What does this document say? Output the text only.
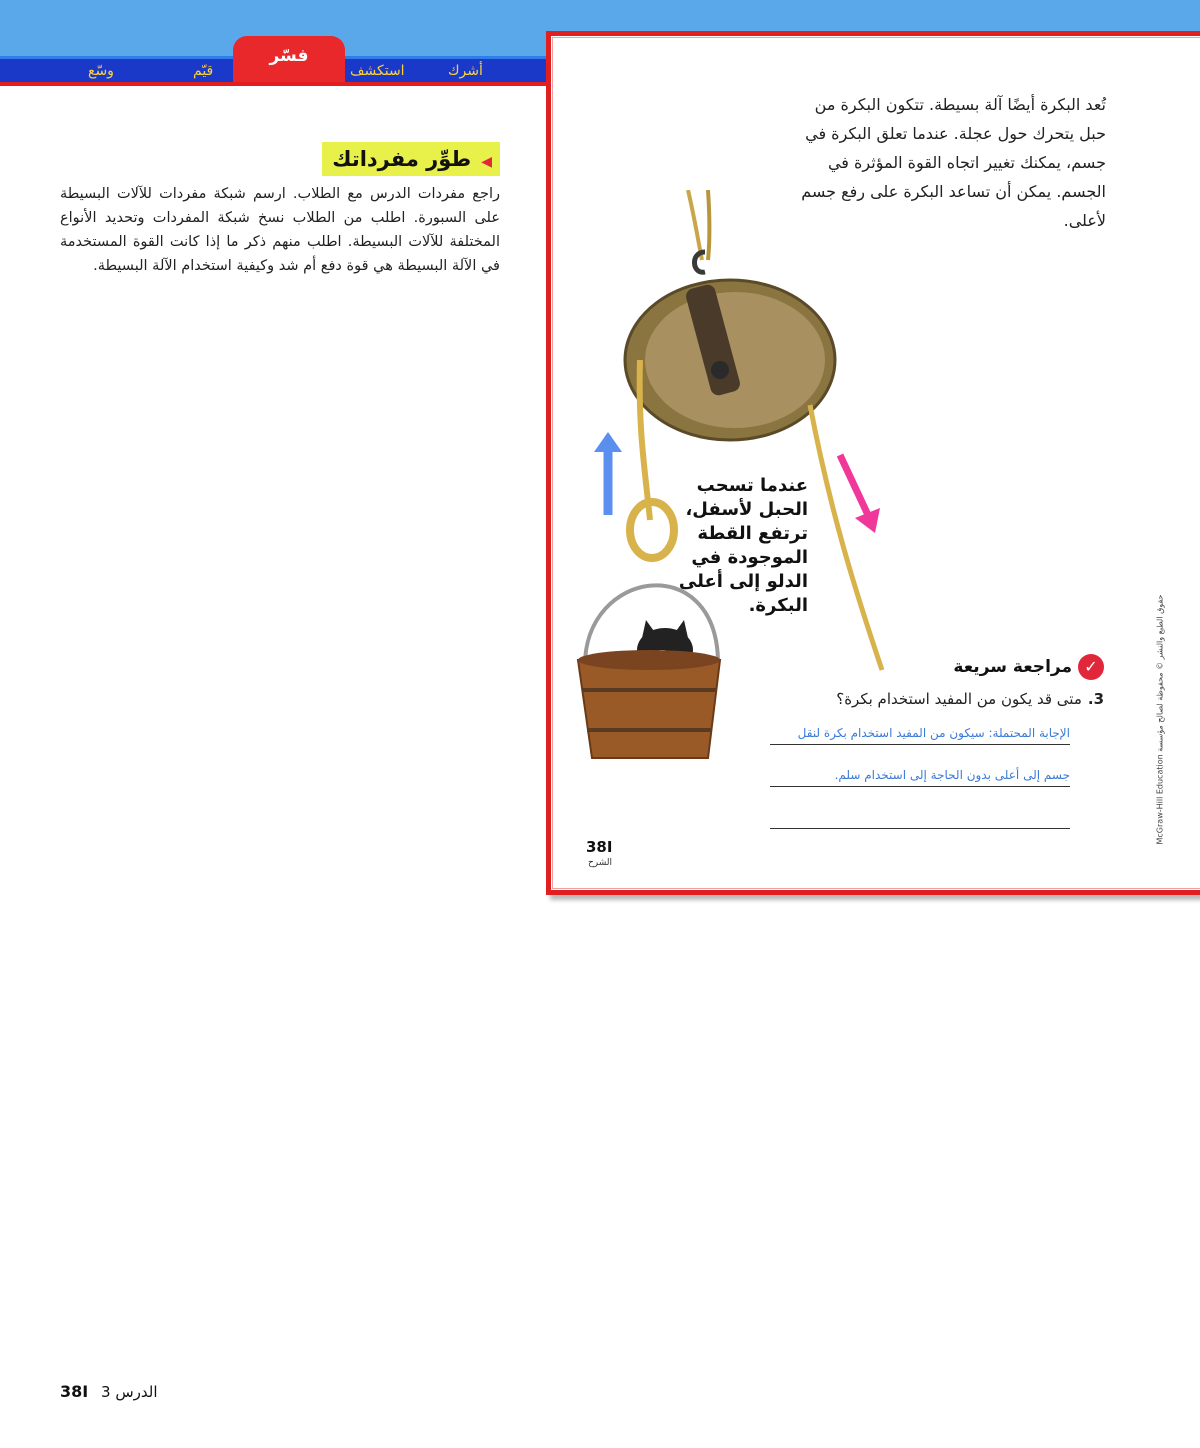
وسّع	قيّم	استكشف	أشرك
فسّر
◀طوِّر مفرداتك
راجع مفردات الدرس مع الطلاب. ارسم شبكة مفردات للآلات البسيطة على السبورة. اطلب من الطلاب نسخ شبكة المفردات وتحديد الأنواع المختلفة للآلات البسيطة. اطلب منهم ذكر ما إذا كانت القوة المستخدمة في الآلة البسيطة هي قوة دفع أم شد وكيفية استخدام الآلة البسيطة.
تُعد البكرة أيضًا آلة بسيطة. تتكون البكرة من حبل يتحرك حول عجلة. عندما تعلق البكرة في جسم، يمكنك تغيير اتجاه القوة المؤثرة في الجسم. يمكن أن تساعد البكرة على رفع جسم لأعلى.
عندما تسحب الحبل لأسفل، ترتفع القطة الموجودة في الدلو إلى أعلى البكرة.
✓مراجعة سريعة
3.متى قد يكون من المفيد استخدام بكرة؟
الإجابة المحتملة: سيكون من المفيد استخدام بكرة لنقل
جسم إلى أعلى بدون الحاجة إلى استخدام سلم.
38I
الشرح
McGraw-Hill Education حقوق الطبع والنشر © محفوظة لصالح مؤسسة
38I الدرس 3
